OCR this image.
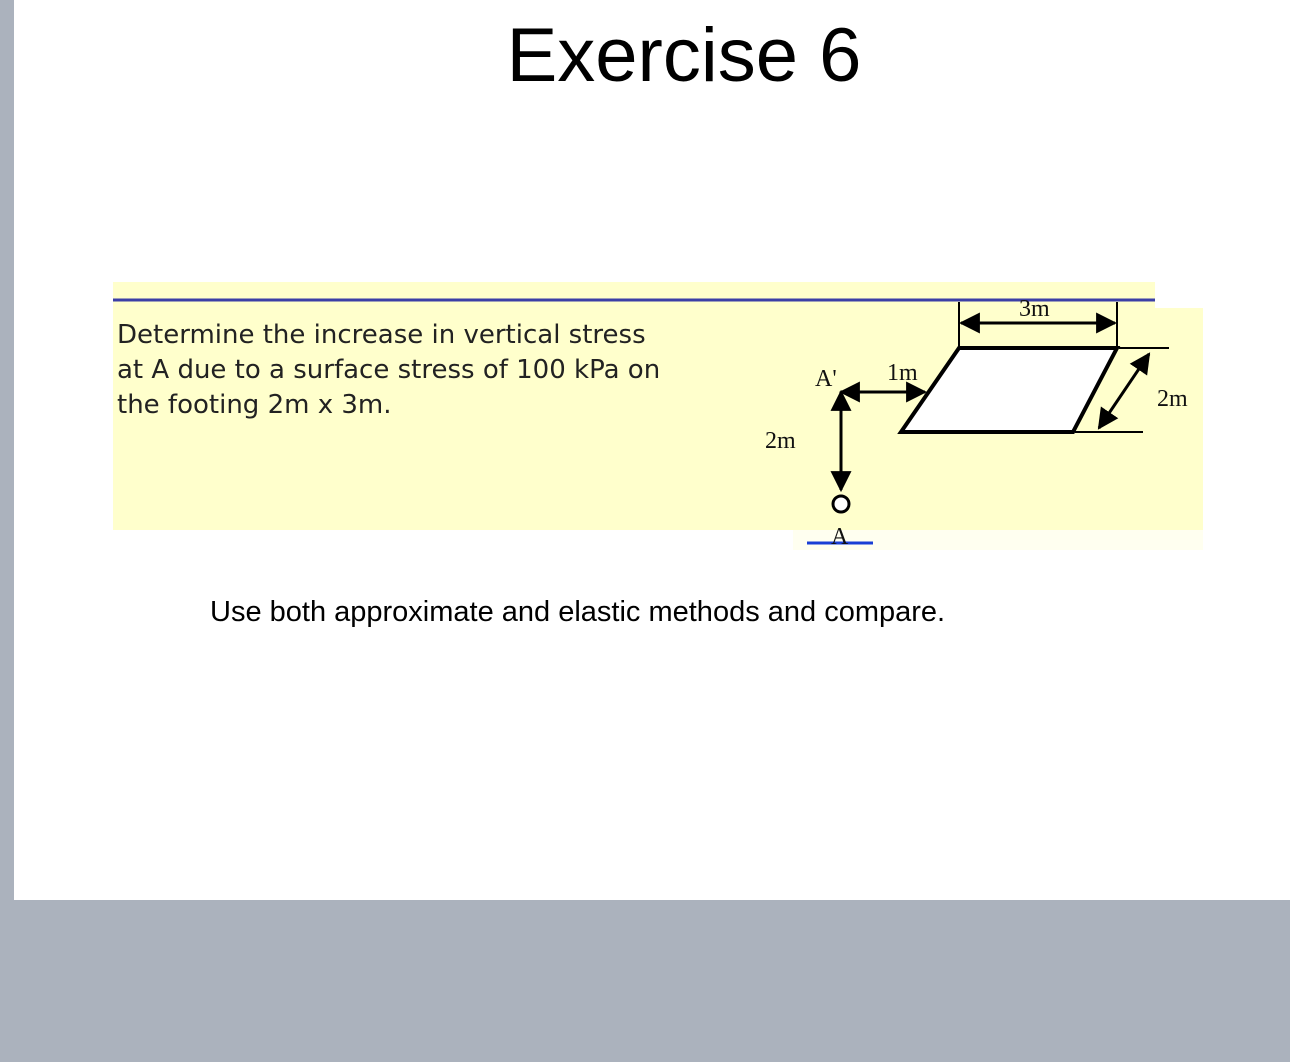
Exercise 6
3m
2m
1m
A'
2m
A
Determine the increase in vertical stress
at A due to a surface stress of 100 kPa on
the footing 2m x 3m.
Use both approximate and elastic methods and compare.
